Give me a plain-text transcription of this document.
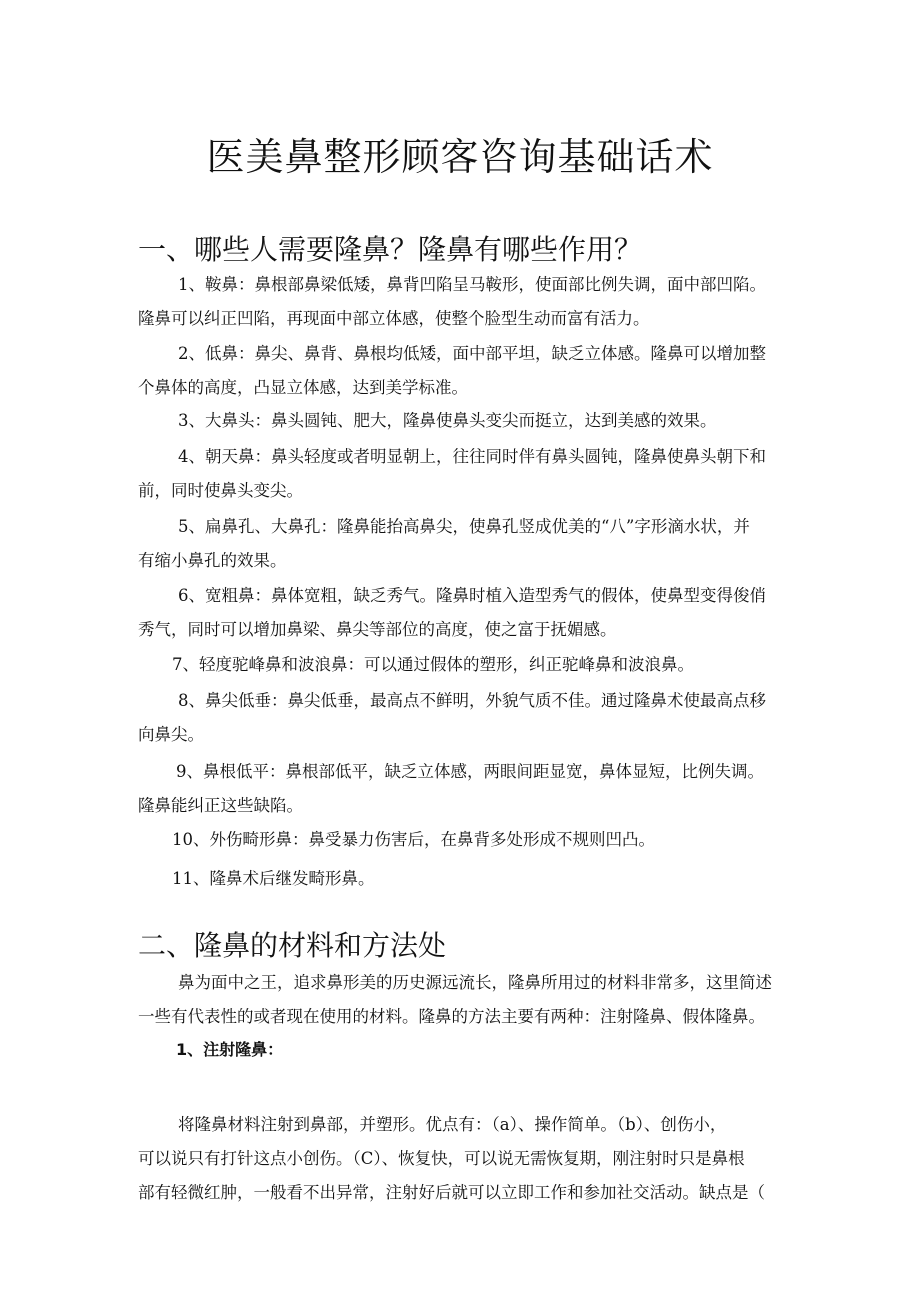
医美鼻整形顾客咨询基础话术
一、哪些人需要隆鼻？隆鼻有哪些作用？

1、鞍鼻：鼻根部鼻梁低矮，鼻背凹陷呈马鞍形，使面部比例失调，面中部凹陷。
隆鼻可以纠正凹陷，再现面中部立体感，使整个脸型生动而富有活力。

2、低鼻：鼻尖、鼻背、鼻根均低矮，面中部平坦，缺乏立体感。隆鼻可以增加整
个鼻体的高度，凸显立体感，达到美学标准。

3、大鼻头：鼻头圆钝、肥大，隆鼻使鼻头变尖而挺立，达到美感的效果。

4、朝天鼻：鼻头轻度或者明显朝上，往往同时伴有鼻头圆钝，隆鼻使鼻头朝下和
前，同时使鼻头变尖。

5、扁鼻孔、大鼻孔：隆鼻能抬高鼻尖，使鼻孔竖成优美的“八”字形滴水状，并
有缩小鼻孔的效果。

6、宽粗鼻：鼻体宽粗，缺乏秀气。隆鼻时植入造型秀气的假体，使鼻型变得俊俏
秀气，同时可以增加鼻梁、鼻尖等部位的高度，使之富于抚媚感。

7、轻度驼峰鼻和波浪鼻：可以通过假体的塑形，纠正驼峰鼻和波浪鼻。

8、鼻尖低垂：鼻尖低垂，最高点不鲜明，外貌气质不佳。通过隆鼻术使最高点移
向鼻尖。

9、鼻根低平：鼻根部低平，缺乏立体感，两眼间距显宽，鼻体显短，比例失调。
隆鼻能纠正这些缺陷。

10、外伤畸形鼻：鼻受暴力伤害后，在鼻背多处形成不规则凹凸。

11、隆鼻术后继发畸形鼻。

二、隆鼻的材料和方法处

鼻为面中之王，追求鼻形美的历史源远流长，隆鼻所用过的材料非常多，这里简述
一些有代表性的或者现在使用的材料。隆鼻的方法主要有两种：注射隆鼻、假体隆鼻。

1、注射隆鼻：

将隆鼻材料注射到鼻部，并塑形。优点有：（a）、操作简单。（b）、创伤小，
可以说只有打针这点小创伤。（C）、恢复快，可以说无需恢复期，刚注射时只是鼻根
部有轻微红肿，一般看不出异常，注射好后就可以立即工作和参加社交活动。缺点是（
